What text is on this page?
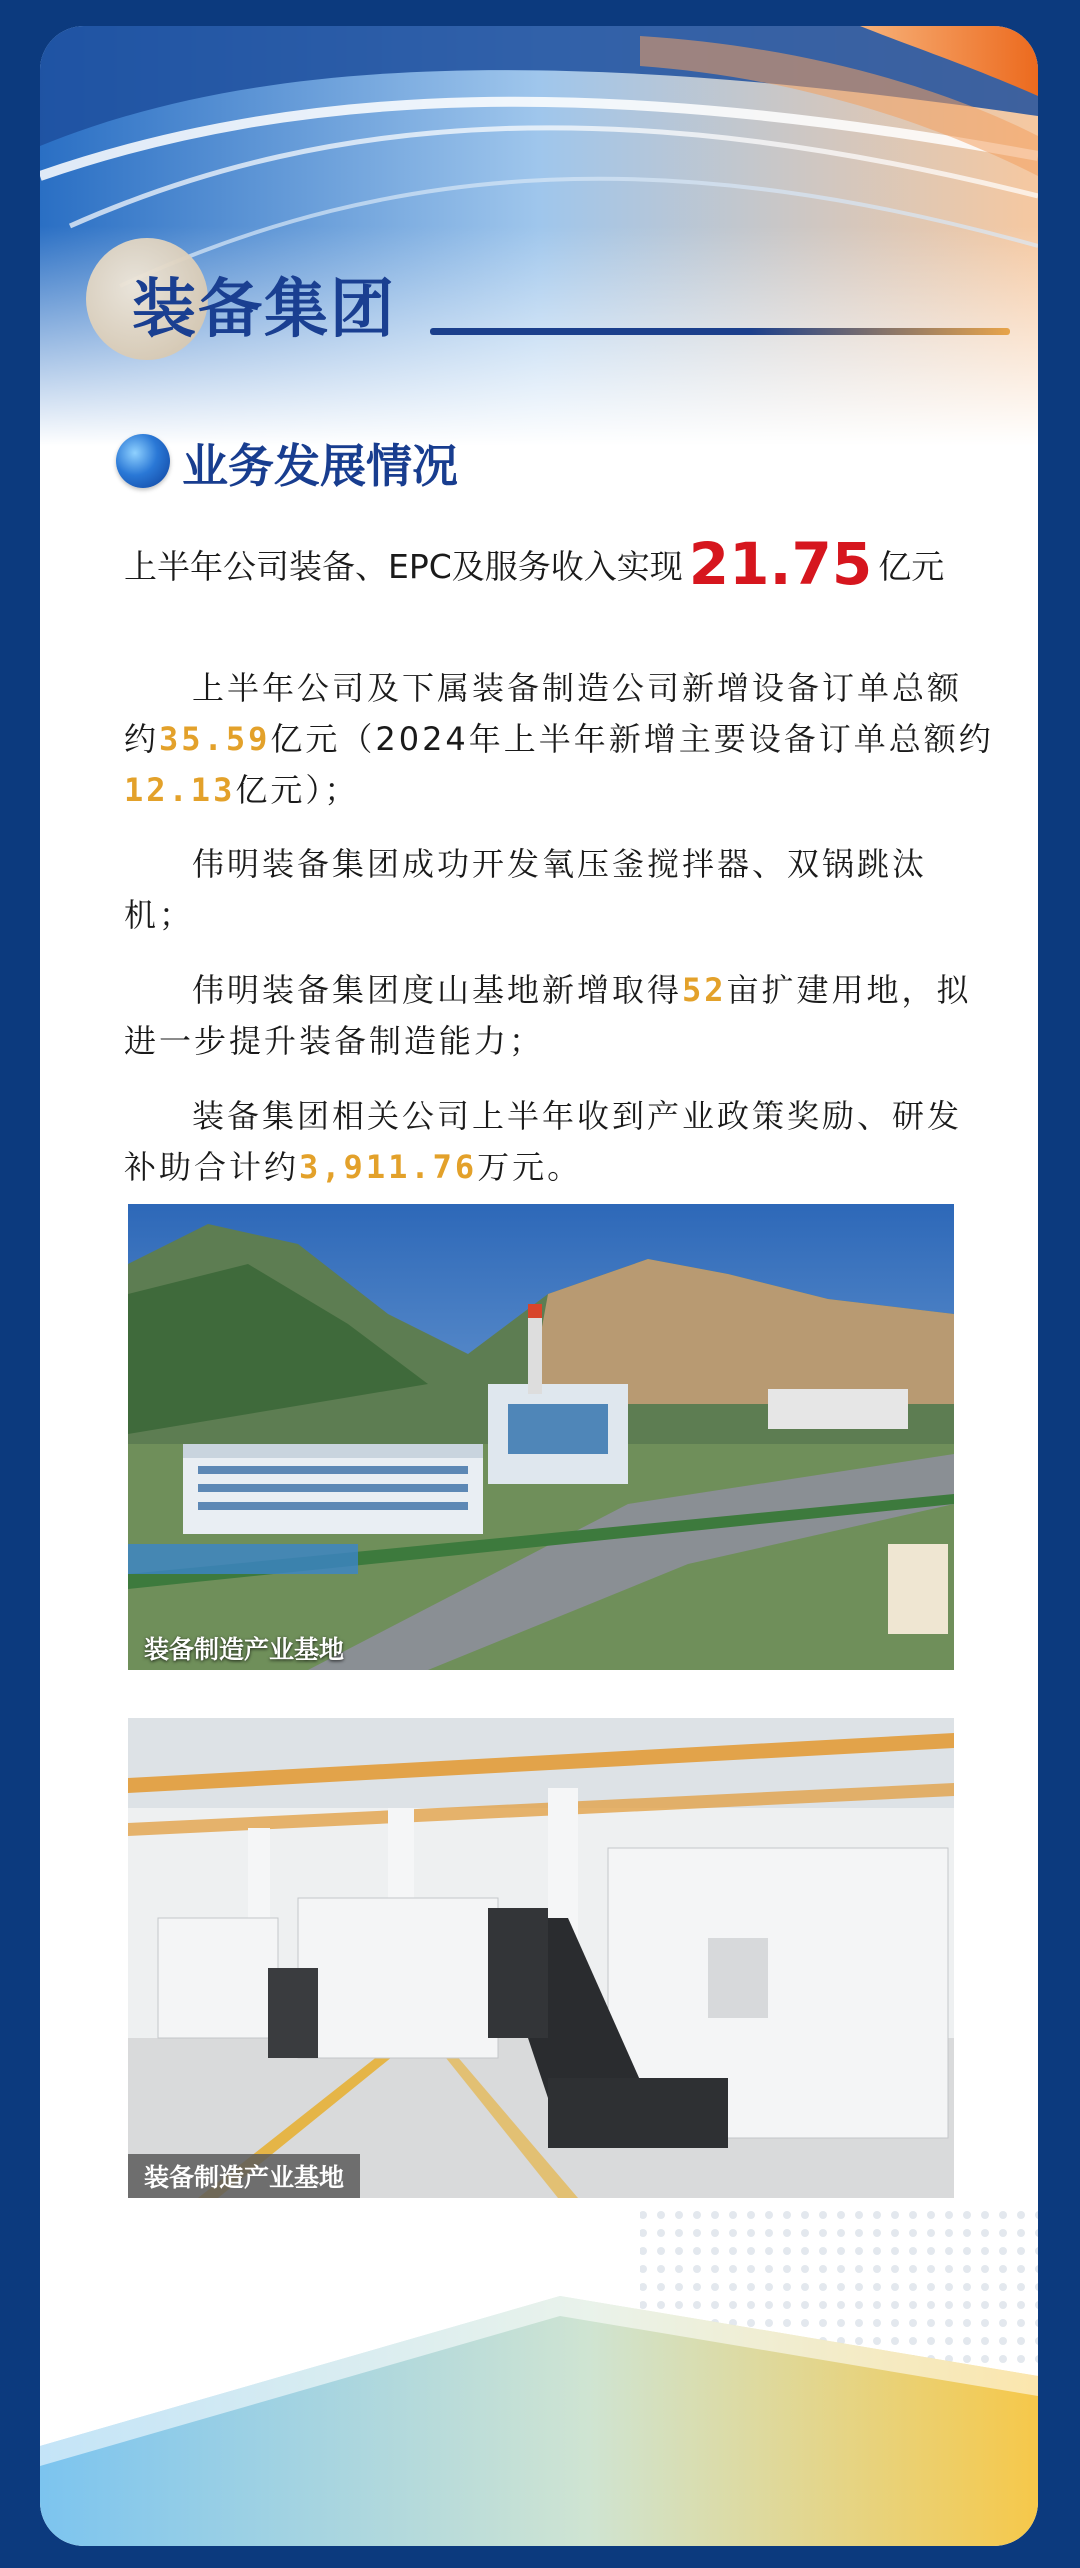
装备集团
业务发展情况
上半年公司装备、EPC及服务收入实现 21.75 亿元

上半年公司及下属装备制造公司新增设备订单总额约35.59亿元（2024年上半年新增主要设备订单总额约12.13亿元）；

伟明装备集团成功开发氧压釜搅拌器、双锅跳汰机；

伟明装备集团度山基地新增取得52亩扩建用地，拟进一步提升装备制造能力；

装备集团相关公司上半年收到产业政策奖励、研发补助合计约3,911.76万元。

装备制造产业基地
装备制造产业基地
